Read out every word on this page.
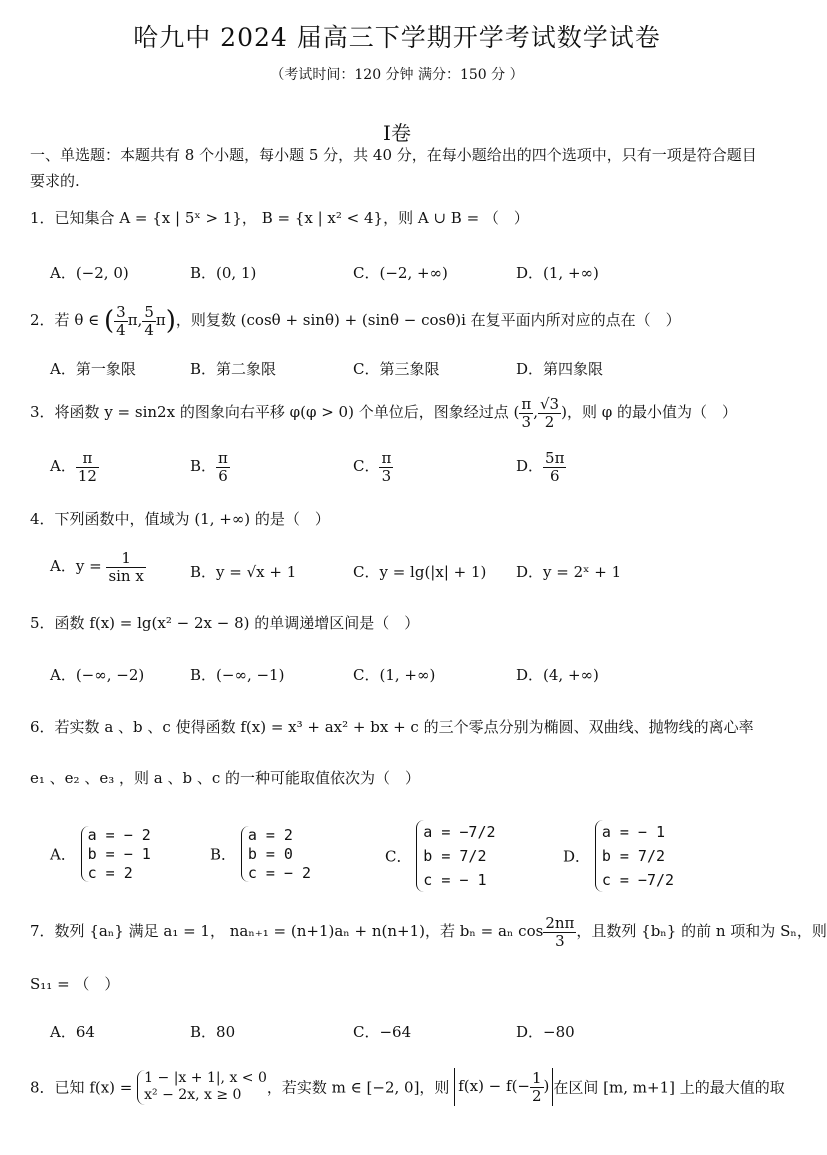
哈九中 2024 届高三下学期开学考试数学试卷
（考试时间：120 分钟 满分：150 分 ）
I卷
一、单选题：本题共有 8 个小题，每小题 5 分，共 40 分，在每小题给出的四个选项中，只有一项是符合题目要求的.
1．已知集合 A = {x | 5ˣ > 1}， B = {x | x² < 4}，则 A ∪ B = （　）
A．(−2, 0)	B．(0, 1)	C．(−2, +∞)	D．(1, +∞)
2．若 θ ∈ ( $\frac{3}{4} \pi$, $\frac{5}{4} \pi$)，则复数 (cosθ + sinθ) + (sinθ − cosθ)i 在复平面内所对应的点在（　）
A．第一象限	B．第二象限	C．第三象限	D．第四象限
3．将函数 y = sin2x 的图象向右平移 φ(φ > 0) 个单位后，图象经过点 ( $\frac{\pi}{3}$ , $\frac{√3}{2}$ )，则 φ 的最小值为（　）
A． $\frac{\pi}{12}$	B． $\frac{\pi}{6}$	C． $\frac{\pi}{3}$	D． $\frac{5\pi}{6}$
4．下列函数中，值域为 (1, +∞) 的是（　）
A．$y = \frac{1}{\text{sin x}}$	B．y = √x + 1	C．y = lg(|x| + 1) D．y = 2ˣ + 1
5．函数 f(x) = lg(x² − 2x − 8) 的单调递增区间是（　）
A．(−∞, −2)	B．(−∞, −1)	C．(1, +∞)	D．(4, +∞)
6．若实数 a 、b 、c 使得函数 f(x) = x³ + ax² + bx + c 的三个零点分别为椭圆、双曲线、抛物线的离心率
e₁ 、e₂ 、e₃ ，则 a 、b 、c 的一种可能取值依次为（　）
A．
a = − 2
b = − 1
c = 2
B．
a = 2
b = 0
c = − 2
C．
a = −7/2
b = 7/2
c = − 1
D．
a = − 1
b = 7/2
c = −7/2
7．数列 {aₙ} 满足 a₁ = 1， naₙ₊₁ = (n+1)aₙ + n(n+1)，若 bₙ = aₙ $\cos \frac{2n\pi}{3}$ ，且数列 {bₙ} 的前 n 项和为 Sₙ，则
S₁₁ = （　）
A．64	B．80	C．−64	D．−80
8．已知 f(x) =
1 − |x + 1|, x < 0
x² − 2x, x ≥ 0	，若实数 m ∈ [−2, 0]，则 $f(x) - f(- \frac{1}{2}$ ) 在区间 [m, m+1] 上的最大值的取
